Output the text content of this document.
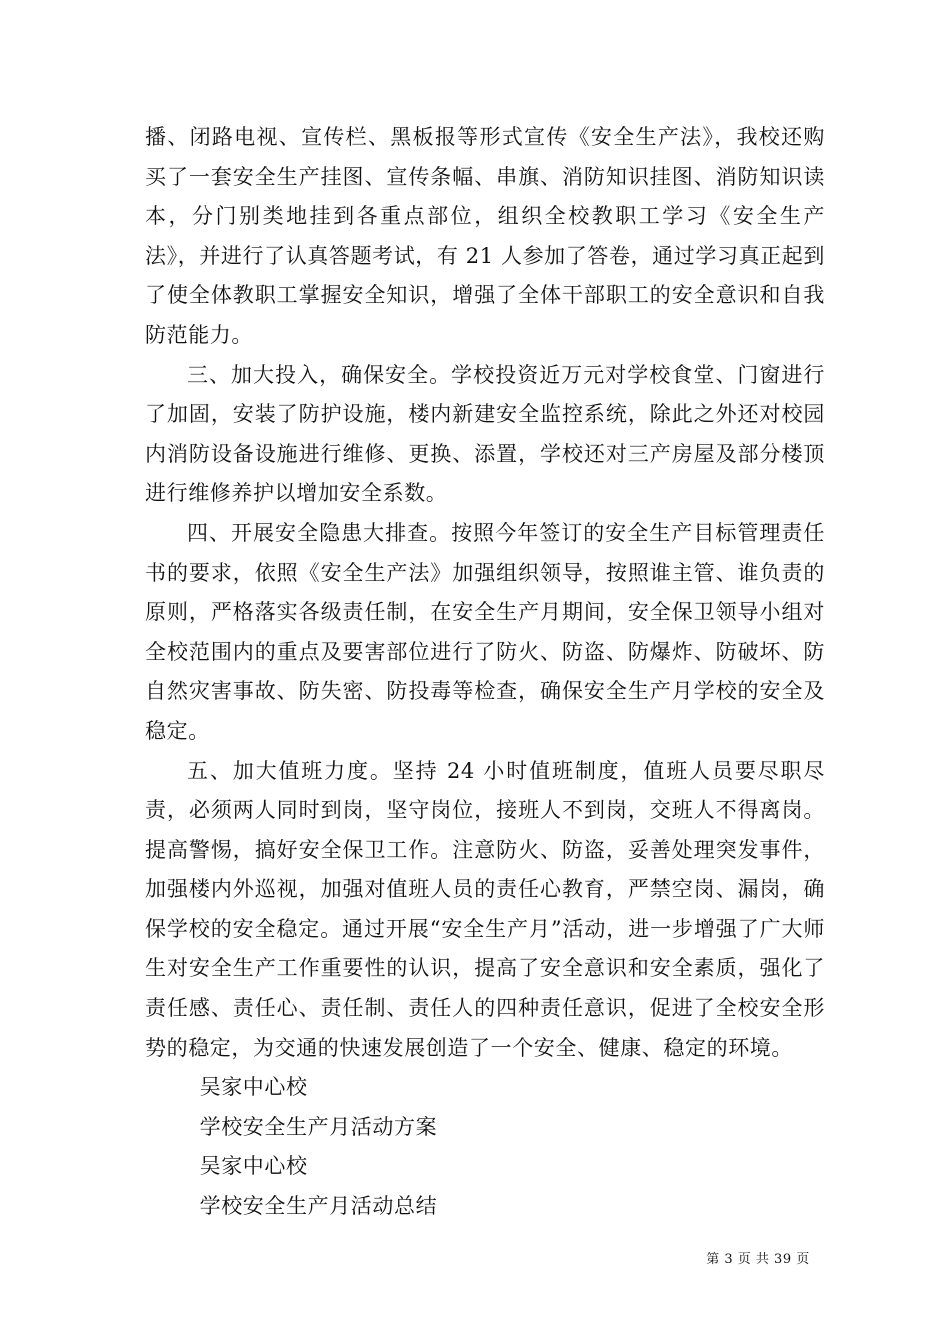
播、闭路电视、宣传栏、黑板报等形式宣传《安全生产法》，我校还购买了一套安全生产挂图、宣传条幅、串旗、消防知识挂图、消防知识读本，分门别类地挂到各重点部位，组织全校教职工学习《安全生产法》，并进行了认真答题考试，有 21 人参加了答卷，通过学习真正起到了使全体教职工掌握安全知识，增强了全体干部职工的安全意识和自我防范能力。

三、加大投入，确保安全。学校投资近万元对学校食堂、门窗进行了加固，安装了防护设施，楼内新建安全监控系统，除此之外还对校园内消防设备设施进行维修、更换、添置，学校还对三产房屋及部分楼顶进行维修养护以增加安全系数。

四、开展安全隐患大排查。按照今年签订的安全生产目标管理责任书的要求，依照《安全生产法》加强组织领导，按照谁主管、谁负责的原则，严格落实各级责任制，在安全生产月期间，安全保卫领导小组对全校范围内的重点及要害部位进行了防火、防盗、防爆炸、防破坏、防自然灾害事故、防失密、防投毒等检查，确保安全生产月学校的安全及稳定。

五、加大值班力度。坚持 24 小时值班制度，值班人员要尽职尽责，必须两人同时到岗，坚守岗位，接班人不到岗，交班人不得离岗。提高警惕，搞好安全保卫工作。注意防火、防盗，妥善处理突发事件，加强楼内外巡视，加强对值班人员的责任心教育，严禁空岗、漏岗，确保学校的安全稳定。通过开展“安全生产月”活动，进一步增强了广大师生对安全生产工作重要性的认识，提高了安全意识和安全素质，强化了责任感、责任心、责任制、责任人的四种责任意识，促进了全校安全形势的稳定，为交通的快速发展创造了一个安全、健康、稳定的环境。

吴家中心校

学校安全生产月活动方案

吴家中心校

学校安全生产月活动总结

第 3 页 共 39 页
